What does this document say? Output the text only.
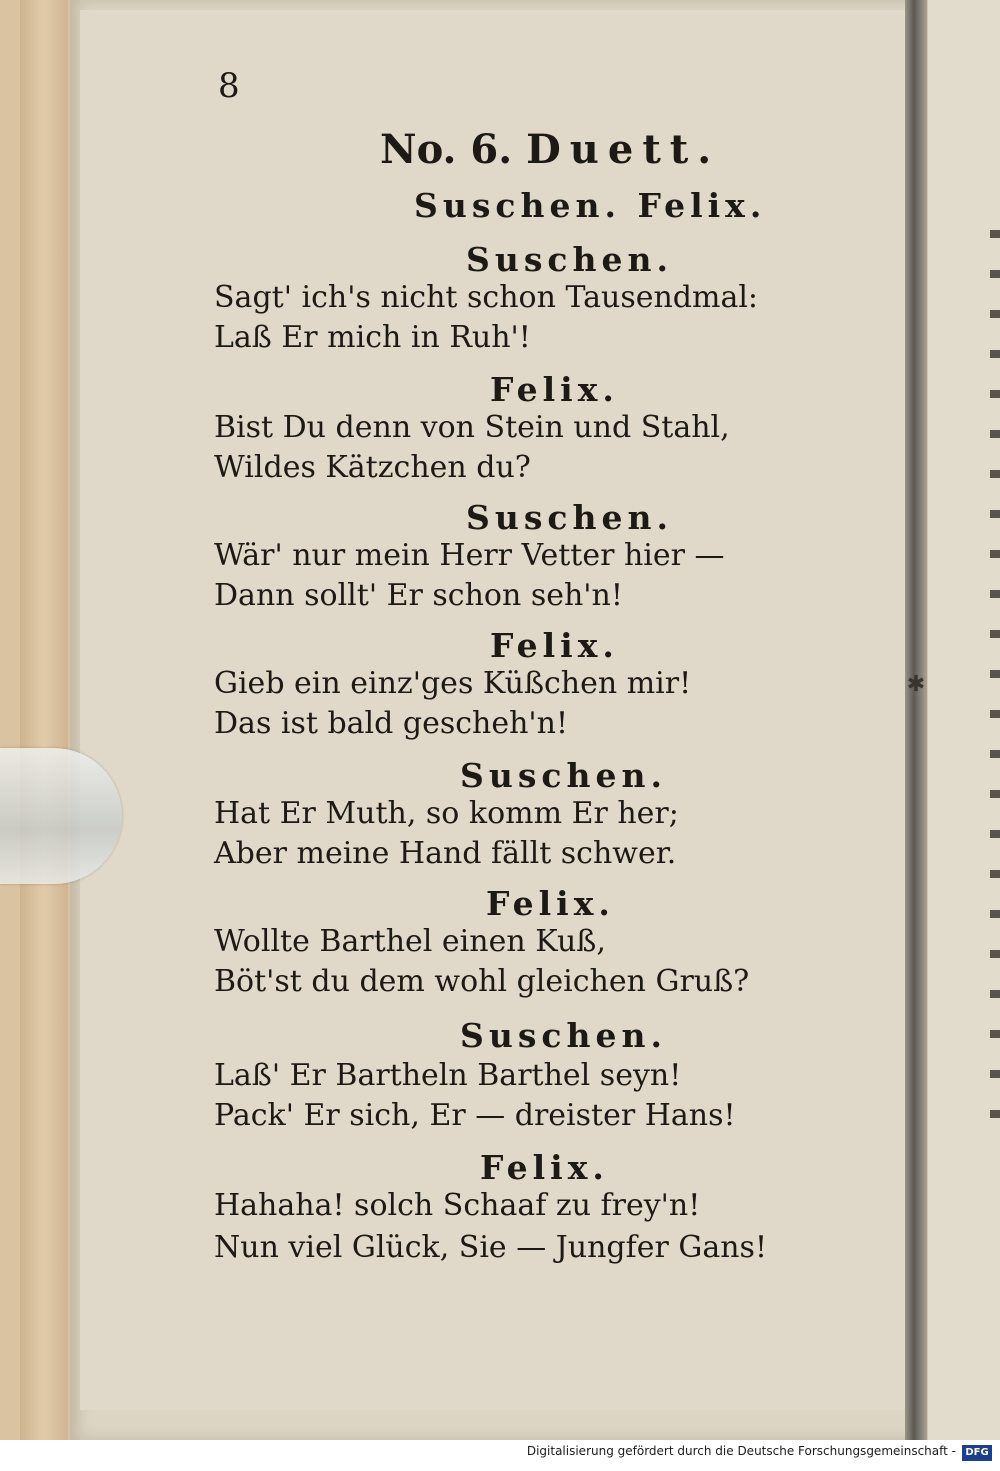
✱
8
No. 6. Duett.
Suschen. Felix.
Suschen.
Sagt' ich's nicht schon Tausendmal:
Laß Er mich in Ruh'!
Felix.
Bist Du denn von Stein und Stahl,
Wildes Kätzchen du?
Suschen.
Wär' nur mein Herr Vetter hier —
Dann sollt' Er schon seh'n!
Felix.
Gieb ein einz'ges Küßchen mir!
Das ist bald gescheh'n!
Suschen.
Hat Er Muth, so komm Er her;
Aber meine Hand fällt schwer.
Felix.
Wollte Barthel einen Kuß,
Böt'st du dem wohl gleichen Gruß?
Suschen.
Laß' Er Bartheln Barthel seyn!
Pack' Er sich, Er — dreister Hans!
Felix.
Hahaha! solch Schaaf zu frey'n!
Nun viel Glück, Sie — Jungfer Gans!
Digitalisierung gefördert durch die Deutsche Forschungsgemeinschaft - DFG
